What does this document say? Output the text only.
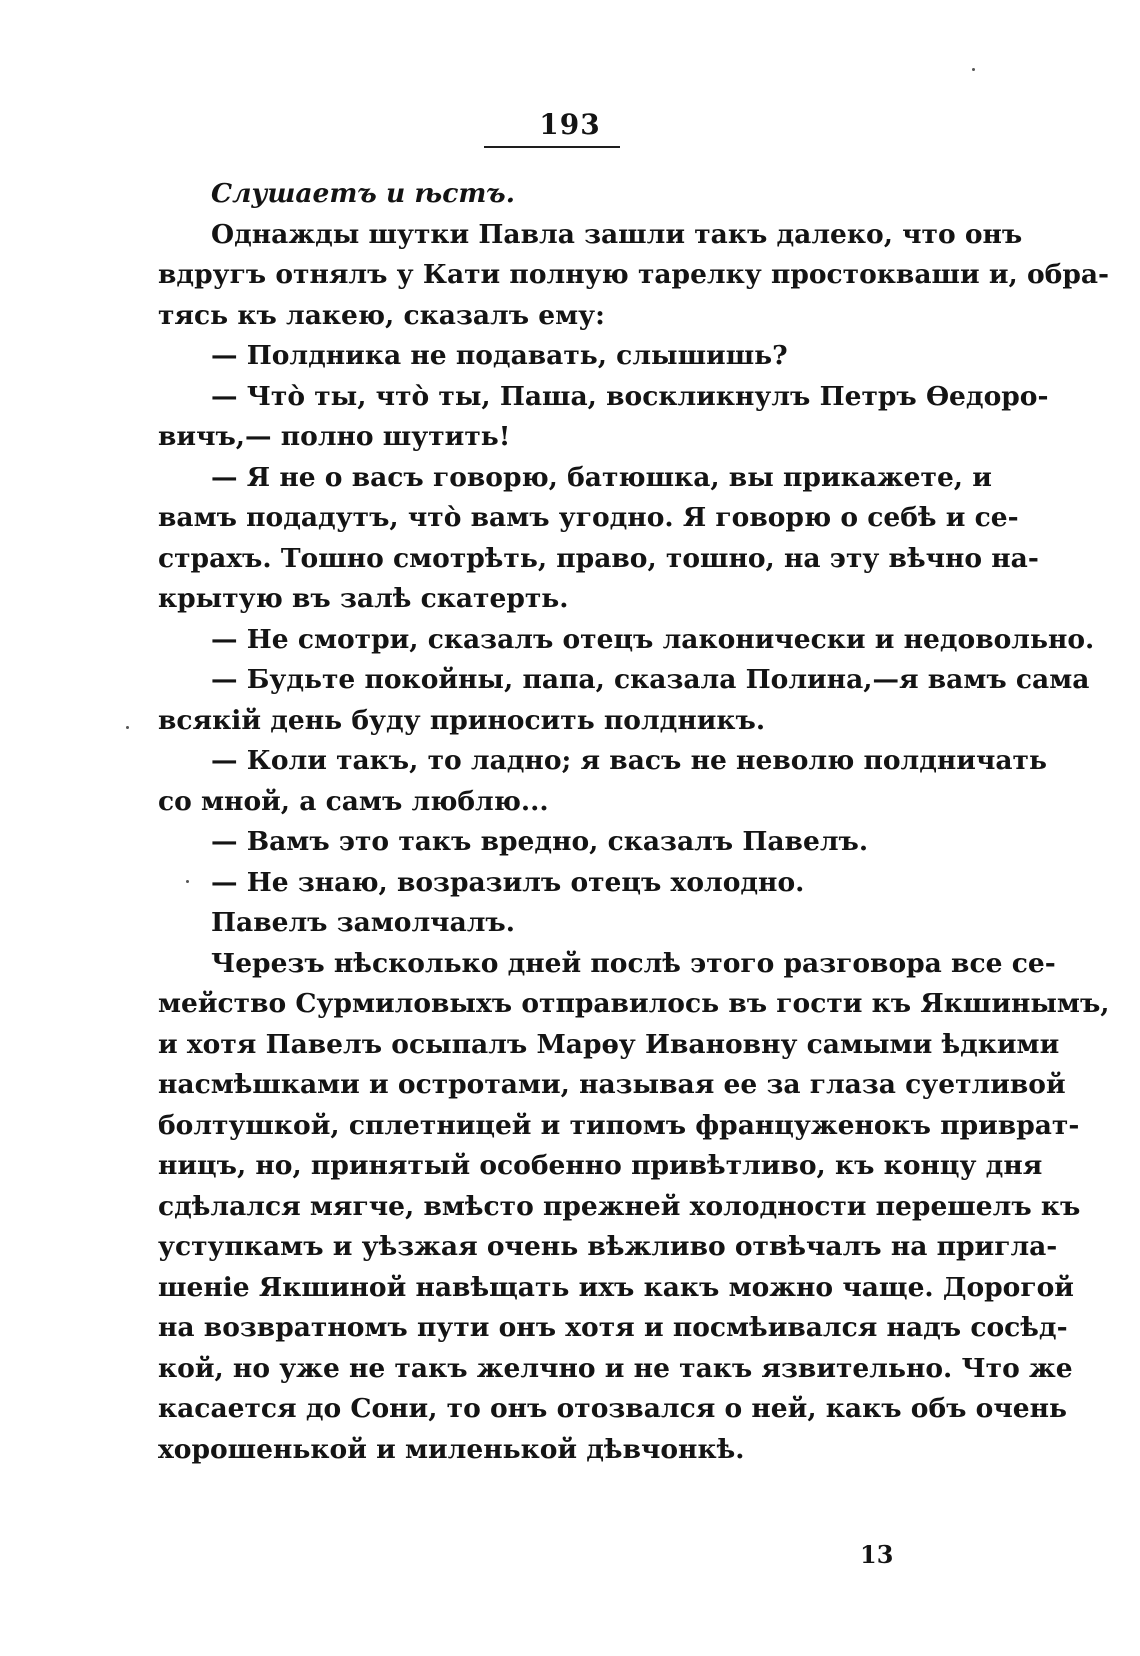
193
Слушаетъ и ѣстъ.
Однажды шутки Павла зашли такъ далеко, что онъ
вдругъ отнялъ у Кати полную тарелку простокваши и, обра-
тясь къ лакею, сказалъ ему:
— Полдника не подавать, слышишь?
— Что̀ ты, что̀ ты, Паша, воскликнулъ Петръ Ѳедоро-
вичъ,— полно шутить!
— Я не о васъ говорю, батюшка, вы прикажете, и
вамъ подадутъ, что̀ вамъ угодно. Я говорю о себѣ и се-
страхъ. Тошно смотрѣть, право, тошно, на эту вѣчно на-
крытую въ залѣ скатерть.
— Не смотри, сказалъ отецъ лаконически и недовольно.
— Будьте покойны, папа, сказала Полина,—я вамъ сама
всякій день буду приносить полдникъ.
— Коли такъ, то ладно; я васъ не неволю полдничать
со мной, а самъ люблю...
— Вамъ это такъ вредно, сказалъ Павелъ.
— Не знаю, возразилъ отецъ холодно.
Павелъ замолчалъ.
Черезъ нѣсколько дней послѣ этого разговора все се-
мейство Сурмиловыхъ отправилось въ гости къ Якшинымъ,
и хотя Павелъ осыпалъ Марѳу Ивановну самыми ѣдкими
насмѣшками и остротами, называя ее за глаза суетливой
болтушкой, сплетницей и типомъ француженокъ приврат-
ницъ, но, принятый особенно привѣтливо, къ концу дня
сдѣлался мягче, вмѣсто прежней холодности перешелъ къ
уступкамъ и уѣзжая очень вѣжливо отвѣчалъ на пригла-
шеніе Якшиной навѣщать ихъ какъ можно чаще. Дорогой
на возвратномъ пути онъ хотя и посмѣивался надъ сосѣд-
кой, но уже не такъ желчно и не такъ язвительно. Что же
касается до Сони, то онъ отозвался о ней, какъ объ очень
хорошенькой и миленькой дѣвчонкѣ.
13
